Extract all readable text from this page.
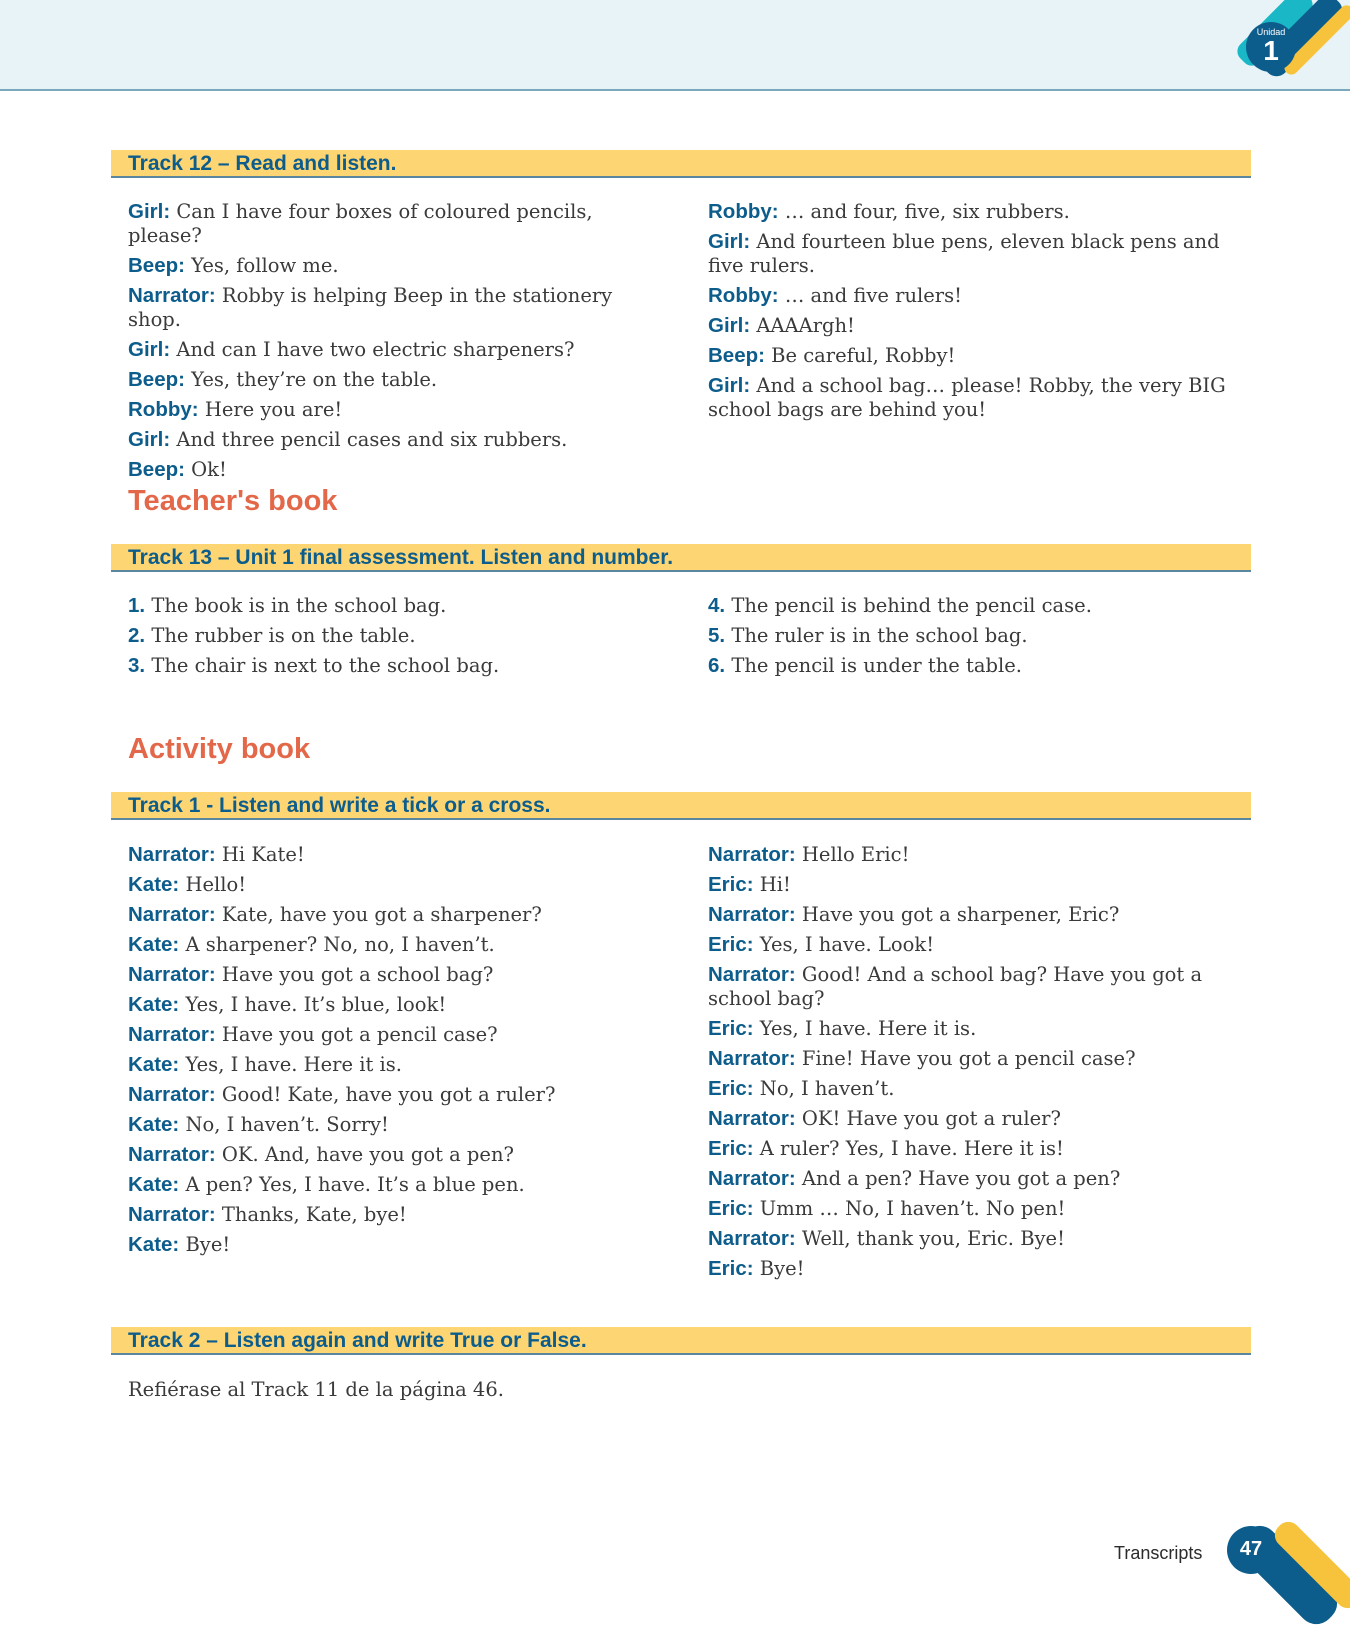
Unidad
1
Track 12 – Read and listen.
Girl: Can I have four boxes of coloured pencils, please?
Beep: Yes, follow me.
Narrator: Robby is helping Beep in the stationery shop.
Girl: And can I have two electric sharpeners?
Beep: Yes, they’re on the table.
Robby: Here you are!
Girl: And three pencil cases and six rubbers.
Beep: Ok!
Robby: … and four, five, six rubbers.
Girl: And fourteen blue pens, eleven black pens and five rulers.
Robby: … and five rulers!
Girl: AAAArgh!
Beep: Be careful, Robby!
Girl: And a school bag… please! Robby, the very BIG school bags are behind you!
Teacher's book
Track 13 – Unit 1 final assessment. Listen and number.
1. The book is in the school bag.
2. The rubber is on the table.
3. The chair is next to the school bag.
4. The pencil is behind the pencil case.
5. The ruler is in the school bag.
6. The pencil is under the table.
Activity book
Track 1 - Listen and write a tick or a cross.
Narrator: Hi Kate!
Kate: Hello!
Narrator: Kate, have you got a sharpener?
Kate: A sharpener? No, no, I haven’t.
Narrator: Have you got a school bag?
Kate: Yes, I have. It’s blue, look!
Narrator: Have you got a pencil case?
Kate: Yes, I have. Here it is.
Narrator: Good! Kate, have you got a ruler?
Kate: No, I haven’t. Sorry!
Narrator: OK. And, have you got a pen?
Kate: A pen? Yes, I have. It’s a blue pen.
Narrator: Thanks, Kate, bye!
Kate: Bye!
Narrator: Hello Eric!
Eric: Hi!
Narrator: Have you got a sharpener, Eric?
Eric: Yes, I have. Look!
Narrator: Good! And a school bag? Have you got a school bag?
Eric: Yes, I have. Here it is.
Narrator: Fine! Have you got a pencil case?
Eric: No, I haven’t.
Narrator: OK! Have you got a ruler?
Eric: A ruler? Yes, I have. Here it is!
Narrator: And a pen? Have you got a pen?
Eric: Umm … No, I haven’t. No pen!
Narrator: Well, thank you, Eric. Bye!
Eric: Bye!
Track 2 – Listen again and write True or False.
Refiérase al Track 11 de la página 46.
Transcripts	47
